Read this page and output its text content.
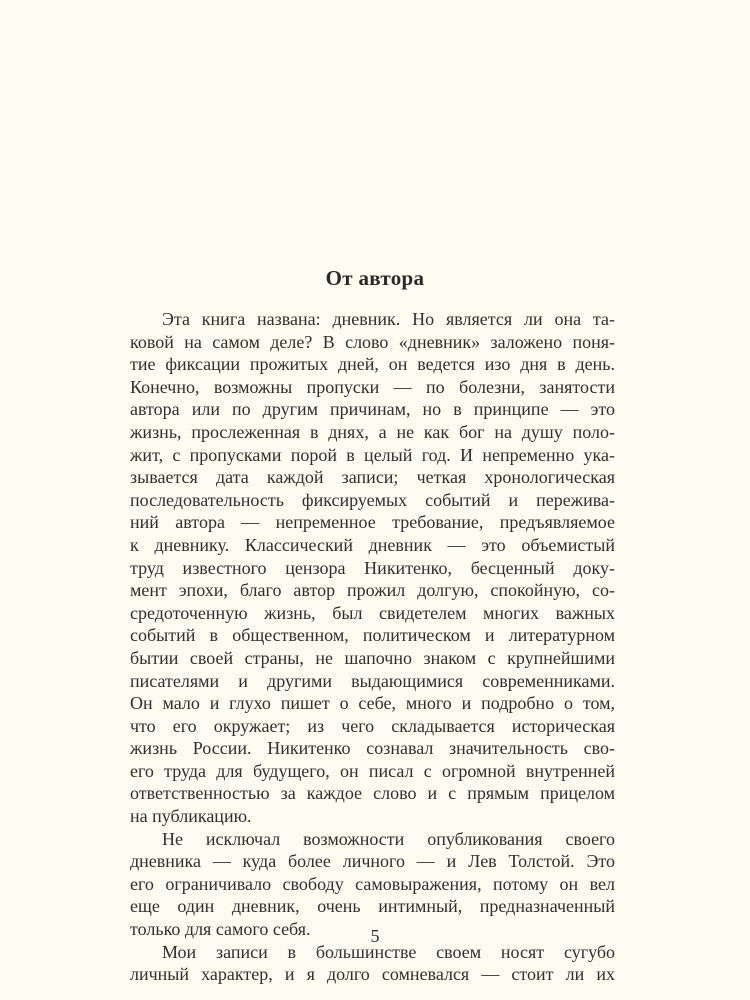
От автора
Эта книга названа: дневник. Но является ли она та-
ковой на самом деле? В слово «дневник» заложено поня-
тие фиксации прожитых дней, он ведется изо дня в день.
Конечно, возможны пропуски — по болезни, занятости
автора или по другим причинам, но в принципе — это
жизнь, прослеженная в днях, а не как бог на душу поло-
жит, с пропусками порой в целый год. И непременно ука-
зывается дата каждой записи; четкая хронологическая
последовательность фиксируемых событий и пережива-
ний автора — непременное требование, предъявляемое
к дневнику. Классический дневник — это объемистый
труд известного цензора Никитенко, бесценный доку-
мент эпохи, благо автор прожил долгую, спокойную, со-
средоточенную жизнь, был свидетелем многих важных
событий в общественном, политическом и литературном
бытии своей страны, не шапочно знаком с крупнейшими
писателями и другими выдающимися современниками.
Он мало и глухо пишет о себе, много и подробно о том,
что его окружает; из чего складывается историческая
жизнь России. Никитенко сознавал значительность сво-
его труда для будущего, он писал с огромной внутренней
ответственностью за каждое слово и с прямым прицелом
на публикацию.
Не исключал возможности опубликования своего
дневника — куда более личного — и Лев Толстой. Это
его ограничивало свободу самовыражения, потому он вел
еще один дневник, очень интимный, предназначенный
только для самого себя.
Мои записи в большинстве своем носят сугубо
личный характер, и я долго сомневался — стоит ли их
5
